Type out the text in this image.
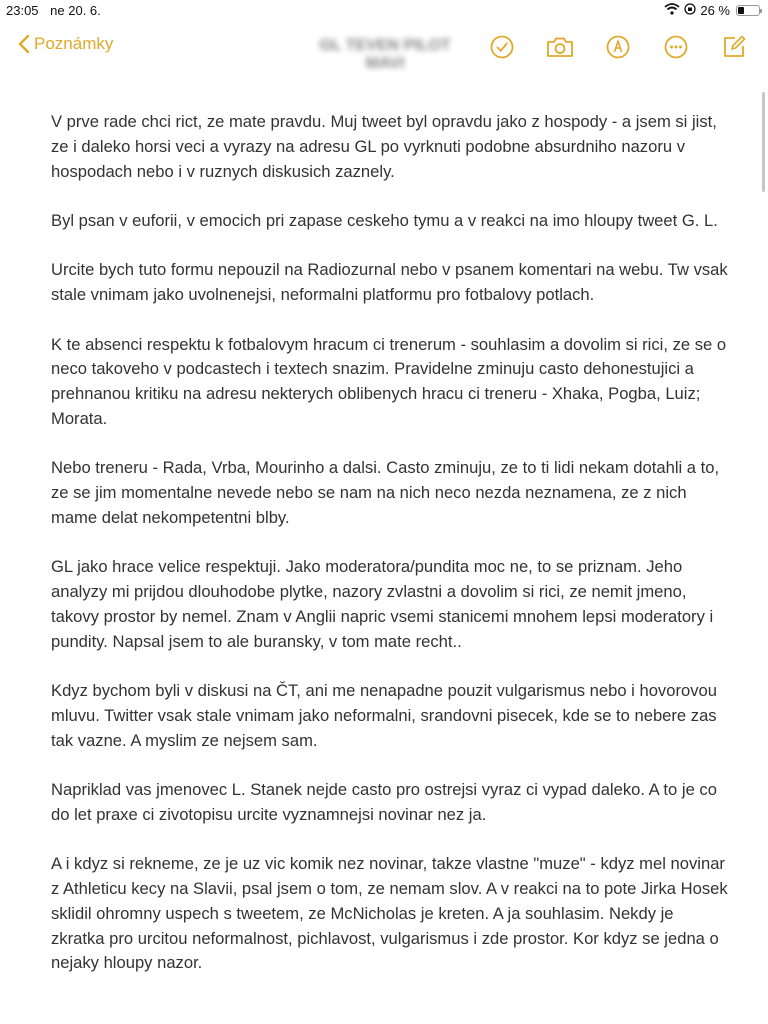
23:05 ne 20. 6.	26 %
Poznámky	GL TEVEN PILOT MAVI

V prve rade chci rict, ze mate pravdu. Muj tweet byl opravdu jako z hospody - a jsem si jist, ze i daleko horsi veci a vyrazy na adresu GL po vyrknuti podobne absurdniho nazoru v hospodach nebo i v ruznych diskusich zaznely.

Byl psan v euforii, v emocich pri zapase ceskeho tymu a v reakci na imo hloupy tweet G. L.

Urcite bych tuto formu nepouzil na Radiozurnal nebo v psanem komentari na webu. Tw vsak stale vnimam jako uvolnenejsi, neformalni platformu pro fotbalovy potlach.

K te absenci respektu k fotbalovym hracum ci trenerum - souhlasim a dovolim si rici, ze se o neco takoveho v podcastech i textech snazim. Pravidelne zminuju casto dehonestujici a prehnanou kritiku na adresu nekterych oblibenych hracu ci treneru - Xhaka, Pogba, Luiz; Morata.

Nebo treneru - Rada, Vrba, Mourinho a dalsi. Casto zminuju, ze to ti lidi nekam dotahli a to, ze se jim momentalne nevede nebo se nam na nich neco nezda neznamena, ze z nich mame delat nekompetentni blby.

GL jako hrace velice respektuji. Jako moderatora/pundita moc ne, to se priznam. Jeho analyzy mi prijdou dlouhodobe plytke, nazory zvlastni a dovolim si rici, ze nemit jmeno, takovy prostor by nemel. Znam v Anglii napric vsemi stanicemi mnohem lepsi moderatory i pundity. Napsal jsem to ale buransky, v tom mate recht..

Kdyz bychom byli v diskusi na ČT, ani me nenapadne pouzit vulgarismus nebo i hovorovou mluvu. Twitter vsak stale vnimam jako neformalni, srandovni pisecek, kde se to nebere zas tak vazne. A myslim ze nejsem sam.

Napriklad vas jmenovec L. Stanek nejde casto pro ostrejsi vyraz ci vypad daleko. A to je co do let praxe ci zivotopisu urcite vyznamnejsi novinar nez ja.

A i kdyz si rekneme, ze je uz vic komik nez novinar, takze vlastne "muze" - kdyz mel novinar z Athleticu kecy na Slavii, psal jsem o tom, ze nemam slov. A v reakci na to pote Jirka Hosek sklidil ohromny uspech s tweetem, ze McNicholas je kreten. A ja souhlasim. Nekdy je zkratka pro urcitou neformalnost, pichlavost, vulgarismus i zde prostor. Kor kdyz se jedna o nejaky hloupy nazor.
